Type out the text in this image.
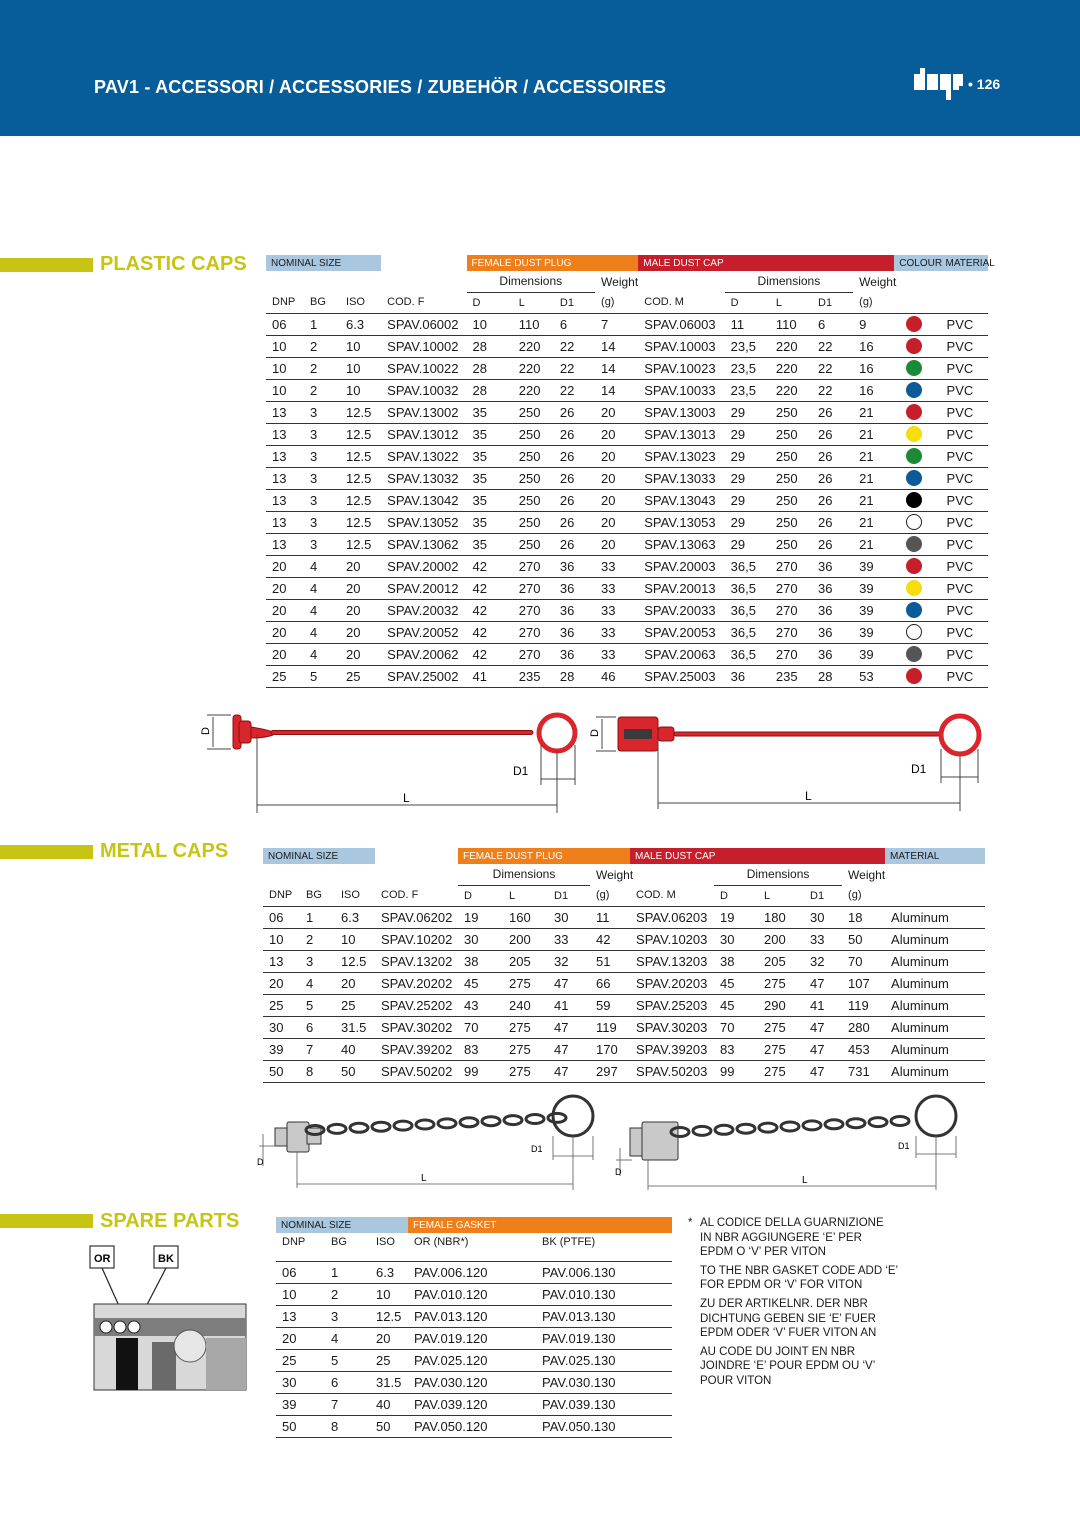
PAV1 - ACCESSORI / ACCESSORIES / ZUBEHÖR / ACCESSOIRES	• 126
PLASTIC CAPS NOMINAL SIZE				FEMALE DUST PLUG				MALE DUST CAP					COLOUR	MATERIAL
				Dimensions			Weight		Dimensions			Weight		
DNP	BG	ISO	COD. F	D	L	D1	(g)	COD. M	D	L	D1	(g)		
06	1	6.3	SPAV.06002	10	110	6	7	SPAV.06003	11	110	6	9		PVC
10	2	10	SPAV.10002	28	220	22	14	SPAV.10003	23,5	220	22	16		PVC
10	2	10	SPAV.10022	28	220	22	14	SPAV.10023	23,5	220	22	16		PVC
10	2	10	SPAV.10032	28	220	22	14	SPAV.10033	23,5	220	22	16		PVC
13	3	12.5	SPAV.13002	35	250	26	20	SPAV.13003	29	250	26	21		PVC
13	3	12.5	SPAV.13012	35	250	26	20	SPAV.13013	29	250	26	21		PVC
13	3	12.5	SPAV.13022	35	250	26	20	SPAV.13023	29	250	26	21		PVC
13	3	12.5	SPAV.13032	35	250	26	20	SPAV.13033	29	250	26	21		PVC
13	3	12.5	SPAV.13042	35	250	26	20	SPAV.13043	29	250	26	21		PVC
13	3	12.5	SPAV.13052	35	250	26	20	SPAV.13053	29	250	26	21		PVC
13	3	12.5	SPAV.13062	35	250	26	20	SPAV.13063	29	250	26	21		PVC
20	4	20	SPAV.20002	42	270	36	33	SPAV.20003	36,5	270	36	39		PVC
20	4	20	SPAV.20012	42	270	36	33	SPAV.20013	36,5	270	36	39		PVC
20	4	20	SPAV.20032	42	270	36	33	SPAV.20033	36,5	270	36	39		PVC
20	4	20	SPAV.20052	42	270	36	33	SPAV.20053	36,5	270	36	39		PVC
20	4	20	SPAV.20062	42	270	36	33	SPAV.20063	36,5	270	36	39		PVC
25	5	25	SPAV.25002	41	235	28	46	SPAV.25003	36	235	28	53		PVC
D
D1
L
D
D1
L
METAL CAPS	NOMINAL SIZE				FEMALE DUST PLUG				MALE DUST CAP					MATERIAL
				Dimensions			Weight		Dimensions			Weight	
DNP	BG	ISO	COD. F	D	L	D1	(g)	COD. M	D	L	D1	(g)	
06	1	6.3	SPAV.06202	19	160	30	11	SPAV.06203	19	180	30	18	Aluminum
10	2	10	SPAV.10202	30	200	33	42	SPAV.10203	30	200	33	50	Aluminum
13	3	12.5	SPAV.13202	38	205	32	51	SPAV.13203	38	205	32	70	Aluminum
20	4	20	SPAV.20202	45	275	47	66	SPAV.20203	45	275	47	107	Aluminum
25	5	25	SPAV.25202	43	240	41	59	SPAV.25203	45	290	41	119	Aluminum
30	6	31.5	SPAV.30202	70	275	47	119	SPAV.30203	70	275	47	280	Aluminum
39	7	40	SPAV.39202	83	275	47	170	SPAV.39203	83	275	47	453	Aluminum
50	8	50	SPAV.50202	99	275	47	297	SPAV.50203	99	275	47	731	Aluminum
D
D1
L
D
D1
L
SPARE PARTS
OR	BK
NOMINAL SIZE			FEMALE GASKET	
DNP	BG	ISO	OR (NBR*)	BK (PTFE)
06	1	6.3	PAV.006.120	PAV.006.130
10	2	10	PAV.010.120	PAV.010.130
13	3	12.5	PAV.013.120	PAV.013.130
20	4	20	PAV.019.120	PAV.019.130
25	5	25	PAV.025.120	PAV.025.130
30	6	31.5	PAV.030.120	PAV.030.130
39	7	40	PAV.039.120	PAV.039.130
50	8	50	PAV.050.120	PAV.050.130
* AL CODICE DELLA GUARNIZIONE IN NBR AGGIUNGERE ‘E’ PER EPDM O ‘V’ PER VITON

TO THE NBR GASKET CODE ADD ‘E’ FOR EPDM OR ‘V’ FOR VITON

ZU DER ARTIKELNR. DER NBR DICHTUNG GEBEN SIE ‘E’ FUER EPDM ODER ‘V’ FUER VITON AN

AU CODE DU JOINT EN NBR JOINDRE ‘E’ POUR EPDM OU ‘V’ POUR VITON
